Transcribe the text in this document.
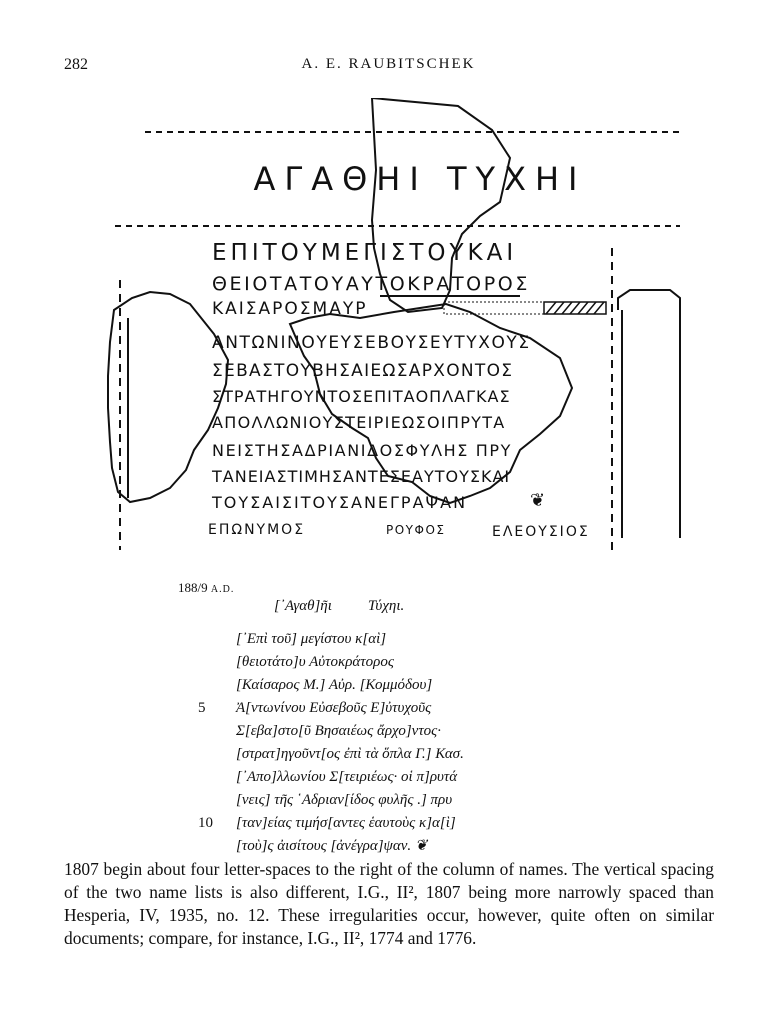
282	A. E. RAUBITSCHEK
ΑΓΑΘΗΙ ΤΥΧΗΙ
ΕΠΙΤΟΥΜΕΓΙΣΤΟΥΚΑΙ
ΘΕΙΟΤΑΤΟΥΑΥΤΟΚΡΑΤΟΡΟΣ
ΚΑΙΣΑΡΟΣΜΑΥΡ
ΑΝΤΩΝΙΝΟΥΕΥΣΕΒΟΥΣΕΥΤΥΧΟΥΣ
ΣΕΒΑΣΤΟΥΒΗΣΑΙΕΩΣΑΡΧΟΝΤΟΣ
ΣΤΡΑΤΗΓΟΥΝΤΟΣΕΠΙΤΑΟΠΛΑΓΚΑΣ
ΑΠΟΛΛΩΝΙΟΥΣΤΕΙΡΙΕΩΣΟΙΠΡΥΤΑ
ΝΕΙΣΤΗΣΑΔΡΙΑΝΙΔΟΣΦΥΛΗΣ ΠΡΥ
ΤΑΝΕΙΑΣΤΙΜΗΣΑΝΤΕΣΕΑΥΤΟΥΣΚΑΙ
ΤΟΥΣΑΙΣΙΤΟΥΣΑΝΕΓΡΑΨΑΝ	❦
ΕΠΩΝΥΜΟΣ	ΡΟΥΦΟΣ	ΕΛΕΟΥΣΙΟΣ
188/9 A.D.
[᾿Αγαθ]ῆι Τύχηι.
[᾿Επὶ τοῦ] μεγίστου κ[αὶ]
[θειοτάτο]υ Αὐτοκράτορος
[Καίσαρος Μ.] Αὐρ. [Κομμόδου]
5 Ἀ[ντωνίνου Εὐσεβοῦς Ε]ὐτυχοῦς
Σ[εβα]στο[ῦ Βησαιέως ἄρχο]ντος·
[στρατ]ηγοῦντ[ος ἐπὶ τὰ ὅπλα Γ.] Κασ.
[᾿Απο]λλωνίου Σ[τειριέως· οἱ π]ρυτά
[νεις] τῆς ῾Αδριαν[ίδος φυλῆς .] πρυ
10 [ταν]είας τιμήσ[αντες ἑαυτοὺς κ]α[ὶ]
[τοὺ]ς ἀισίτους [ἀνέγρα]ψαν. ❦
1807 begin about four letter-spaces to the right of the column of names. The vertical spacing of the two name lists is also different, I.G., II², 1807 being more narrowly spaced than Hesperia, IV, 1935, no. 12. These irregularities occur, however, quite often on similar documents; compare, for instance, I.G., II², 1774 and 1776.
